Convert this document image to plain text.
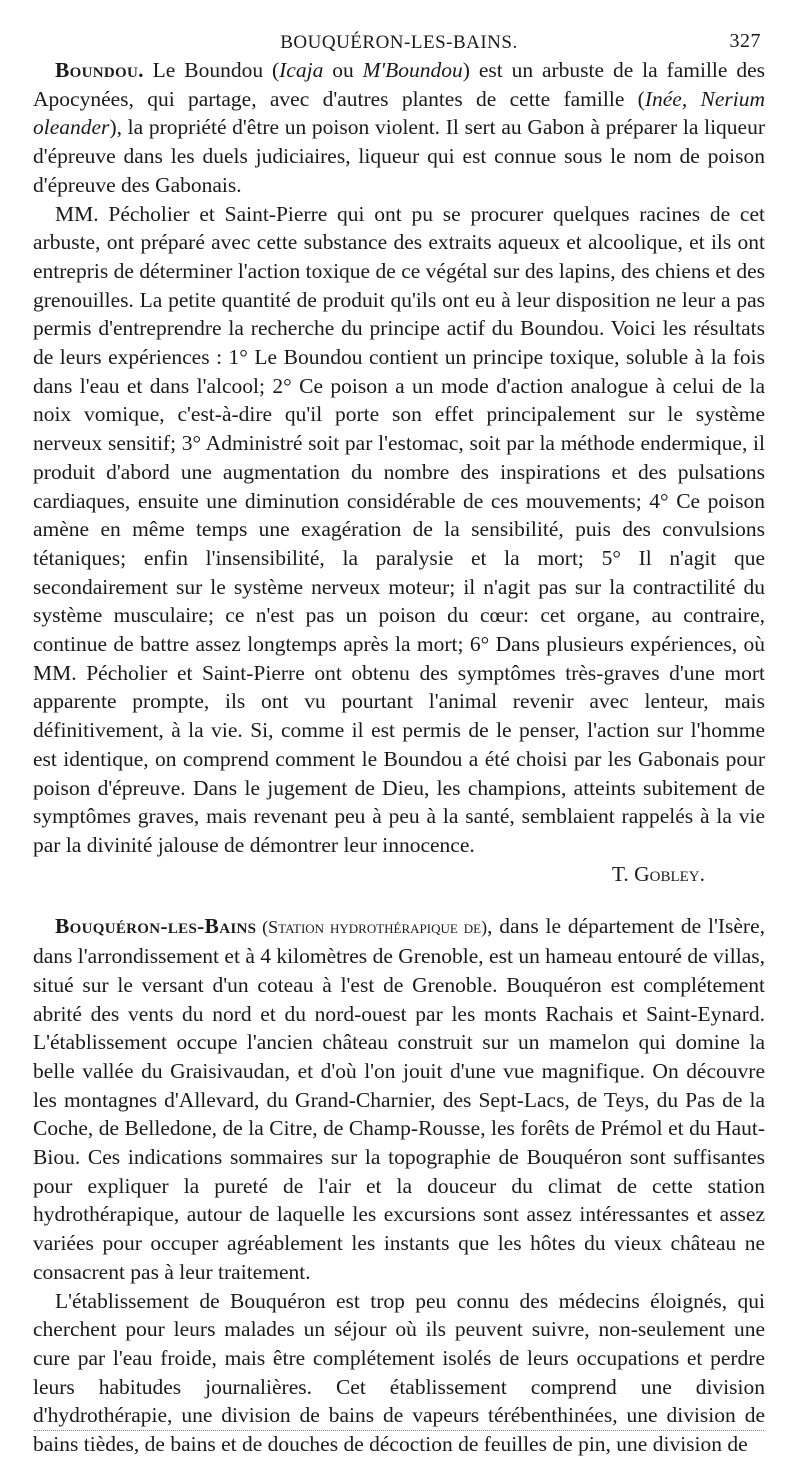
BOUQUÉRON-LES-BAINS.	327

Boundou. Le Boundou (Icaja ou M'Boundou) est un arbuste de la famille des Apocynées, qui partage, avec d'autres plantes de cette famille (Inée, Nerium oleander), la propriété d'être un poison violent. Il sert au Gabon à préparer la liqueur d'épreuve dans les duels judiciaires, liqueur qui est connue sous le nom de poison d'épreuve des Gabonais.

MM. Pécholier et Saint-Pierre qui ont pu se procurer quelques racines de cet arbuste, ont préparé avec cette substance des extraits aqueux et alcoolique, et ils ont entrepris de déterminer l'action toxique de ce végétal sur des lapins, des chiens et des grenouilles. La petite quantité de produit qu'ils ont eu à leur disposition ne leur a pas permis d'entreprendre la recherche du principe actif du Boundou. Voici les résultats de leurs expériences : 1° Le Boundou contient un principe toxique, soluble à la fois dans l'eau et dans l'alcool; 2° Ce poison a un mode d'action analogue à celui de la noix vomique, c'est-à-dire qu'il porte son effet principalement sur le système nerveux sensitif; 3° Administré soit par l'estomac, soit par la méthode endermique, il produit d'abord une augmentation du nombre des inspirations et des pulsations cardiaques, ensuite une diminution considérable de ces mouvements; 4° Ce poison amène en même temps une exagération de la sensibilité, puis des convulsions tétaniques; enfin l'insensibilité, la paralysie et la mort; 5° Il n'agit que secondairement sur le système nerveux moteur; il n'agit pas sur la contractilité du système musculaire; ce n'est pas un poison du cœur: cet organe, au contraire, continue de battre assez longtemps après la mort; 6° Dans plusieurs expériences, où MM. Pécholier et Saint-Pierre ont obtenu des symptômes très-graves d'une mort apparente prompte, ils ont vu pourtant l'animal revenir avec lenteur, mais définitivement, à la vie. Si, comme il est permis de le penser, l'action sur l'homme est identique, on comprend comment le Boundou a été choisi par les Gabonais pour poison d'épreuve. Dans le jugement de Dieu, les champions, atteints subitement de symptômes graves, mais revenant peu à peu à la santé, semblaient rappelés à la vie par la divinité jalouse de démontrer leur innocence.

T. Gobley.

Bouquéron-les-Bains (Station hydrothérapique de), dans le département de l'Isère, dans l'arrondissement et à 4 kilomètres de Grenoble, est un hameau entouré de villas, situé sur le versant d'un coteau à l'est de Grenoble. Bouquéron est complétement abrité des vents du nord et du nord-ouest par les monts Rachais et Saint-Eynard. L'établissement occupe l'ancien château construit sur un mamelon qui domine la belle vallée du Graisivaudan, et d'où l'on jouit d'une vue magnifique. On découvre les montagnes d'Allevard, du Grand-Charnier, des Sept-Lacs, de Teys, du Pas de la Coche, de Belledone, de la Citre, de Champ-Rousse, les forêts de Prémol et du Haut-Biou. Ces indications sommaires sur la topographie de Bouquéron sont suffisantes pour expliquer la pureté de l'air et la douceur du climat de cette station hydrothérapique, autour de laquelle les excursions sont assez intéressantes et assez variées pour occuper agréablement les instants que les hôtes du vieux château ne consacrent pas à leur traitement.

L'établissement de Bouquéron est trop peu connu des médecins éloignés, qui cherchent pour leurs malades un séjour où ils peuvent suivre, non-seulement une cure par l'eau froide, mais être complétement isolés de leurs occupations et perdre leurs habitudes journalières. Cet établissement comprend une division d'hydrothérapie, une division de bains de vapeurs térébenthinées, une division de bains tièdes, de bains et de douches de décoction de feuilles de pin, une division de
